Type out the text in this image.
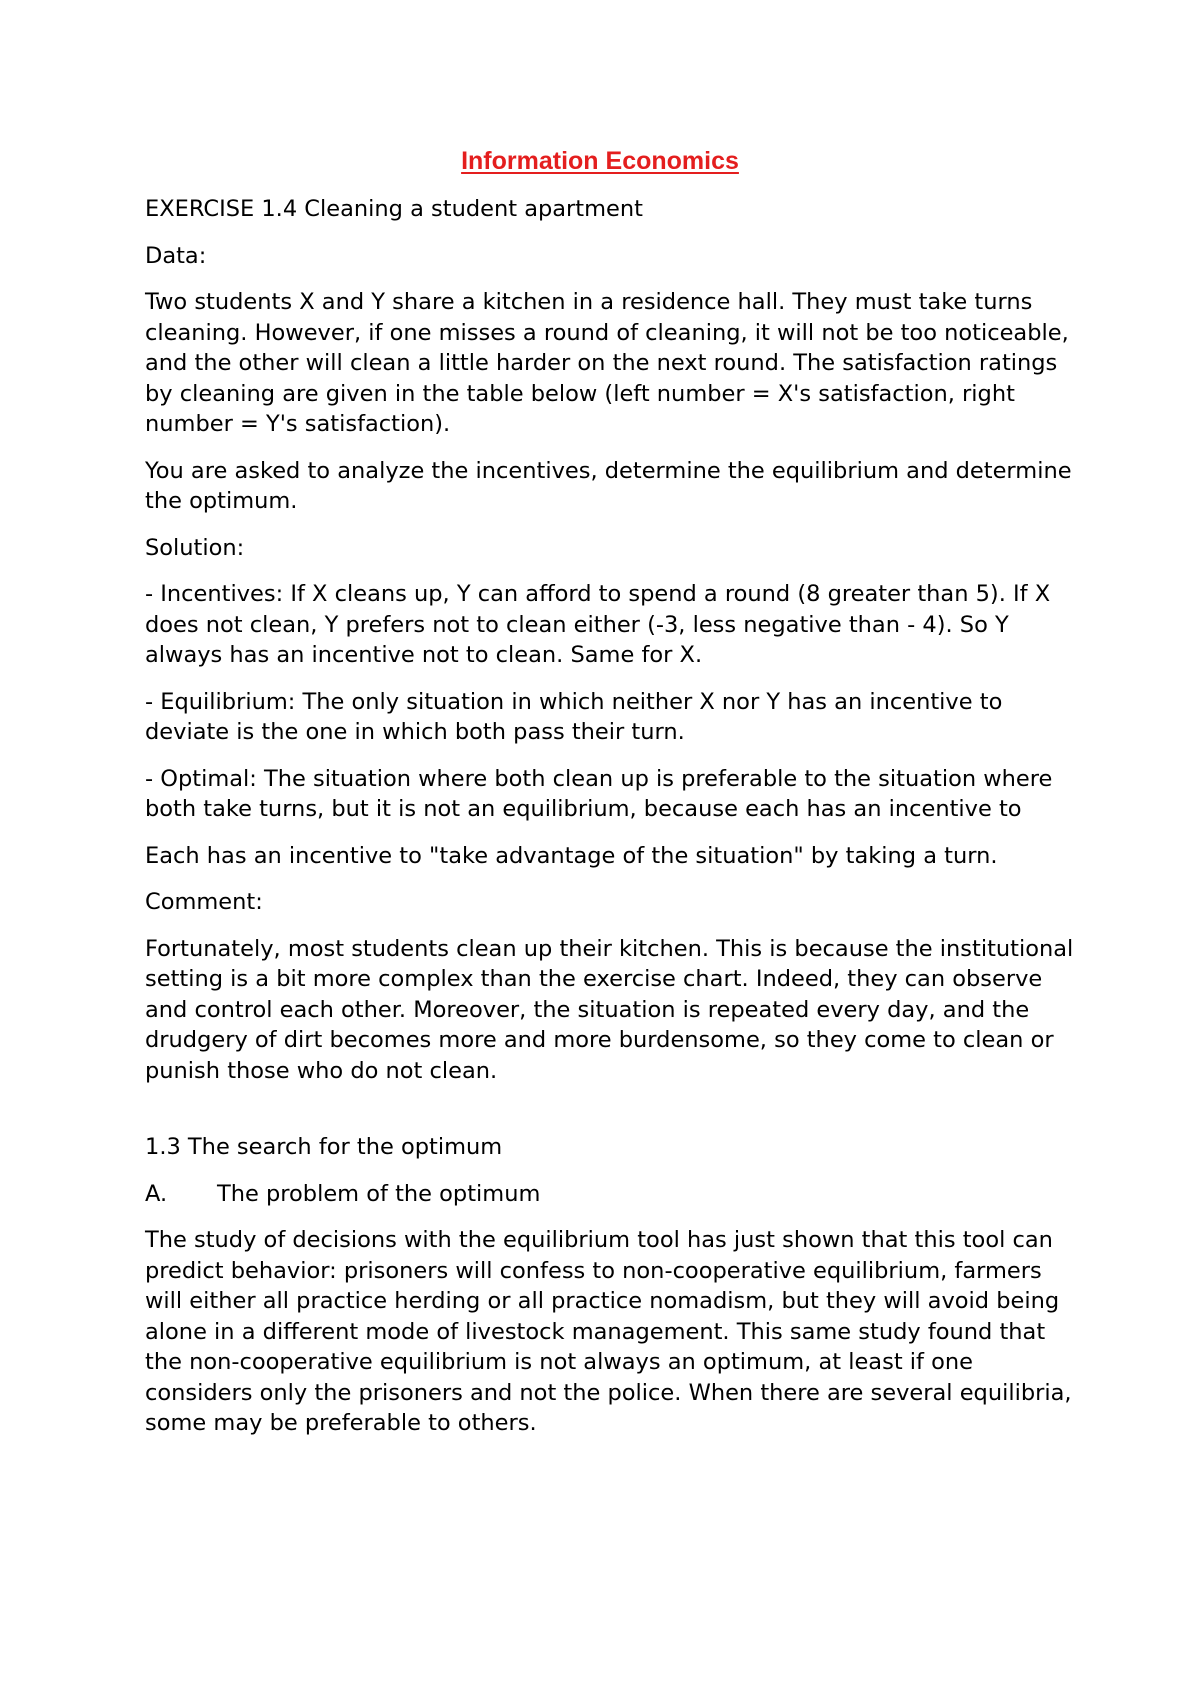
Information Economics

EXERCISE 1.4 Cleaning a student apartment

Data:

Two students X and Y share a kitchen in a residence hall. They must take turns cleaning. However, if one misses a round of cleaning, it will not be too noticeable, and the other will clean a little harder on the next round. The satisfaction ratings by cleaning are given in the table below (left number = X's satisfaction, right number = Y's satisfaction).

You are asked to analyze the incentives, determine the equilibrium and determine the optimum.

Solution:

- Incentives: If X cleans up, Y can afford to spend a round (8 greater than 5). If X does not clean, Y prefers not to clean either (-3, less negative than - 4). So Y always has an incentive not to clean. Same for X.

- Equilibrium: The only situation in which neither X nor Y has an incentive to deviate is the one in which both pass their turn.

- Optimal: The situation where both clean up is preferable to the situation where both take turns, but it is not an equilibrium, because each has an incentive to

Each has an incentive to "take advantage of the situation" by taking a turn.

Comment:

Fortunately, most students clean up their kitchen. This is because the institutional setting is a bit more complex than the exercise chart. Indeed, they can observe and control each other. Moreover, the situation is repeated every day, and the drudgery of dirt becomes more and more burdensome, so they come to clean or punish those who do not clean.

1.3 The search for the optimum

A.	The problem of the optimum

The study of decisions with the equilibrium tool has just shown that this tool can predict behavior: prisoners will confess to non-cooperative equilibrium, farmers will either all practice herding or all practice nomadism, but they will avoid being alone in a different mode of livestock management. This same study found that the non-cooperative equilibrium is not always an optimum, at least if one considers only the prisoners and not the police. When there are several equilibria, some may be preferable to others.
